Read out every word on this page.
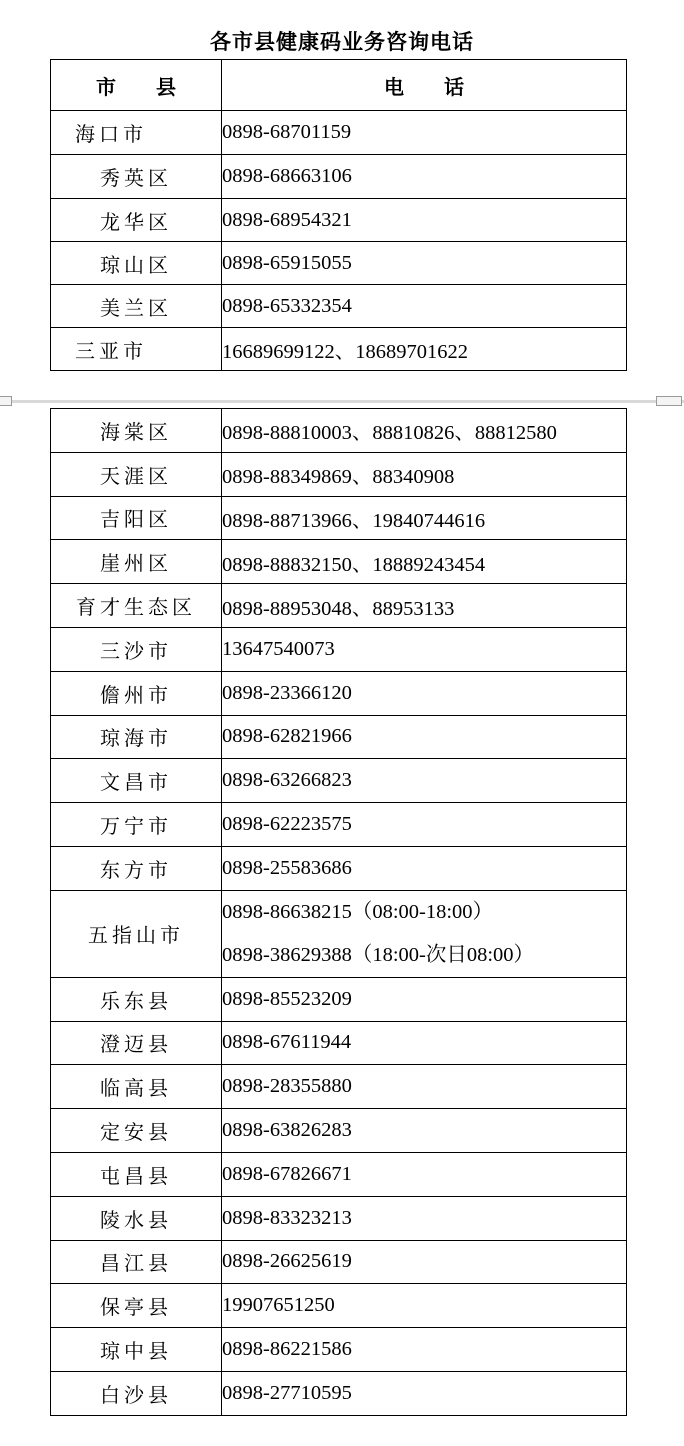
各市县健康码业务咨询电话
市　　县	电　　话
海口市	0898-68701159
秀英区	0898-68663106
龙华区	0898-68954321
琼山区	0898-65915055
美兰区	0898-65332354
三亚市	16689699122、18689701622
海棠区	0898-88810003、88810826、88812580
天涯区	0898-88349869、88340908
吉阳区	0898-88713966、19840744616
崖州区	0898-88832150、18889243454
育才生态区	0898-88953048、88953133
三沙市	13647540073
儋州市	0898-23366120
琼海市	0898-62821966
文昌市	0898-63266823
万宁市	0898-62223575
东方市	0898-25583686
五指山市	0898-86638215（08:00-18:00）
0898-38629388（18:00-次日08:00）

乐东县	0898-85523209
澄迈县	0898-67611944
临高县	0898-28355880
定安县	0898-63826283
屯昌县	0898-67826671
陵水县	0898-83323213
昌江县	0898-26625619
保亭县	19907651250
琼中县	0898-86221586
白沙县	0898-27710595
